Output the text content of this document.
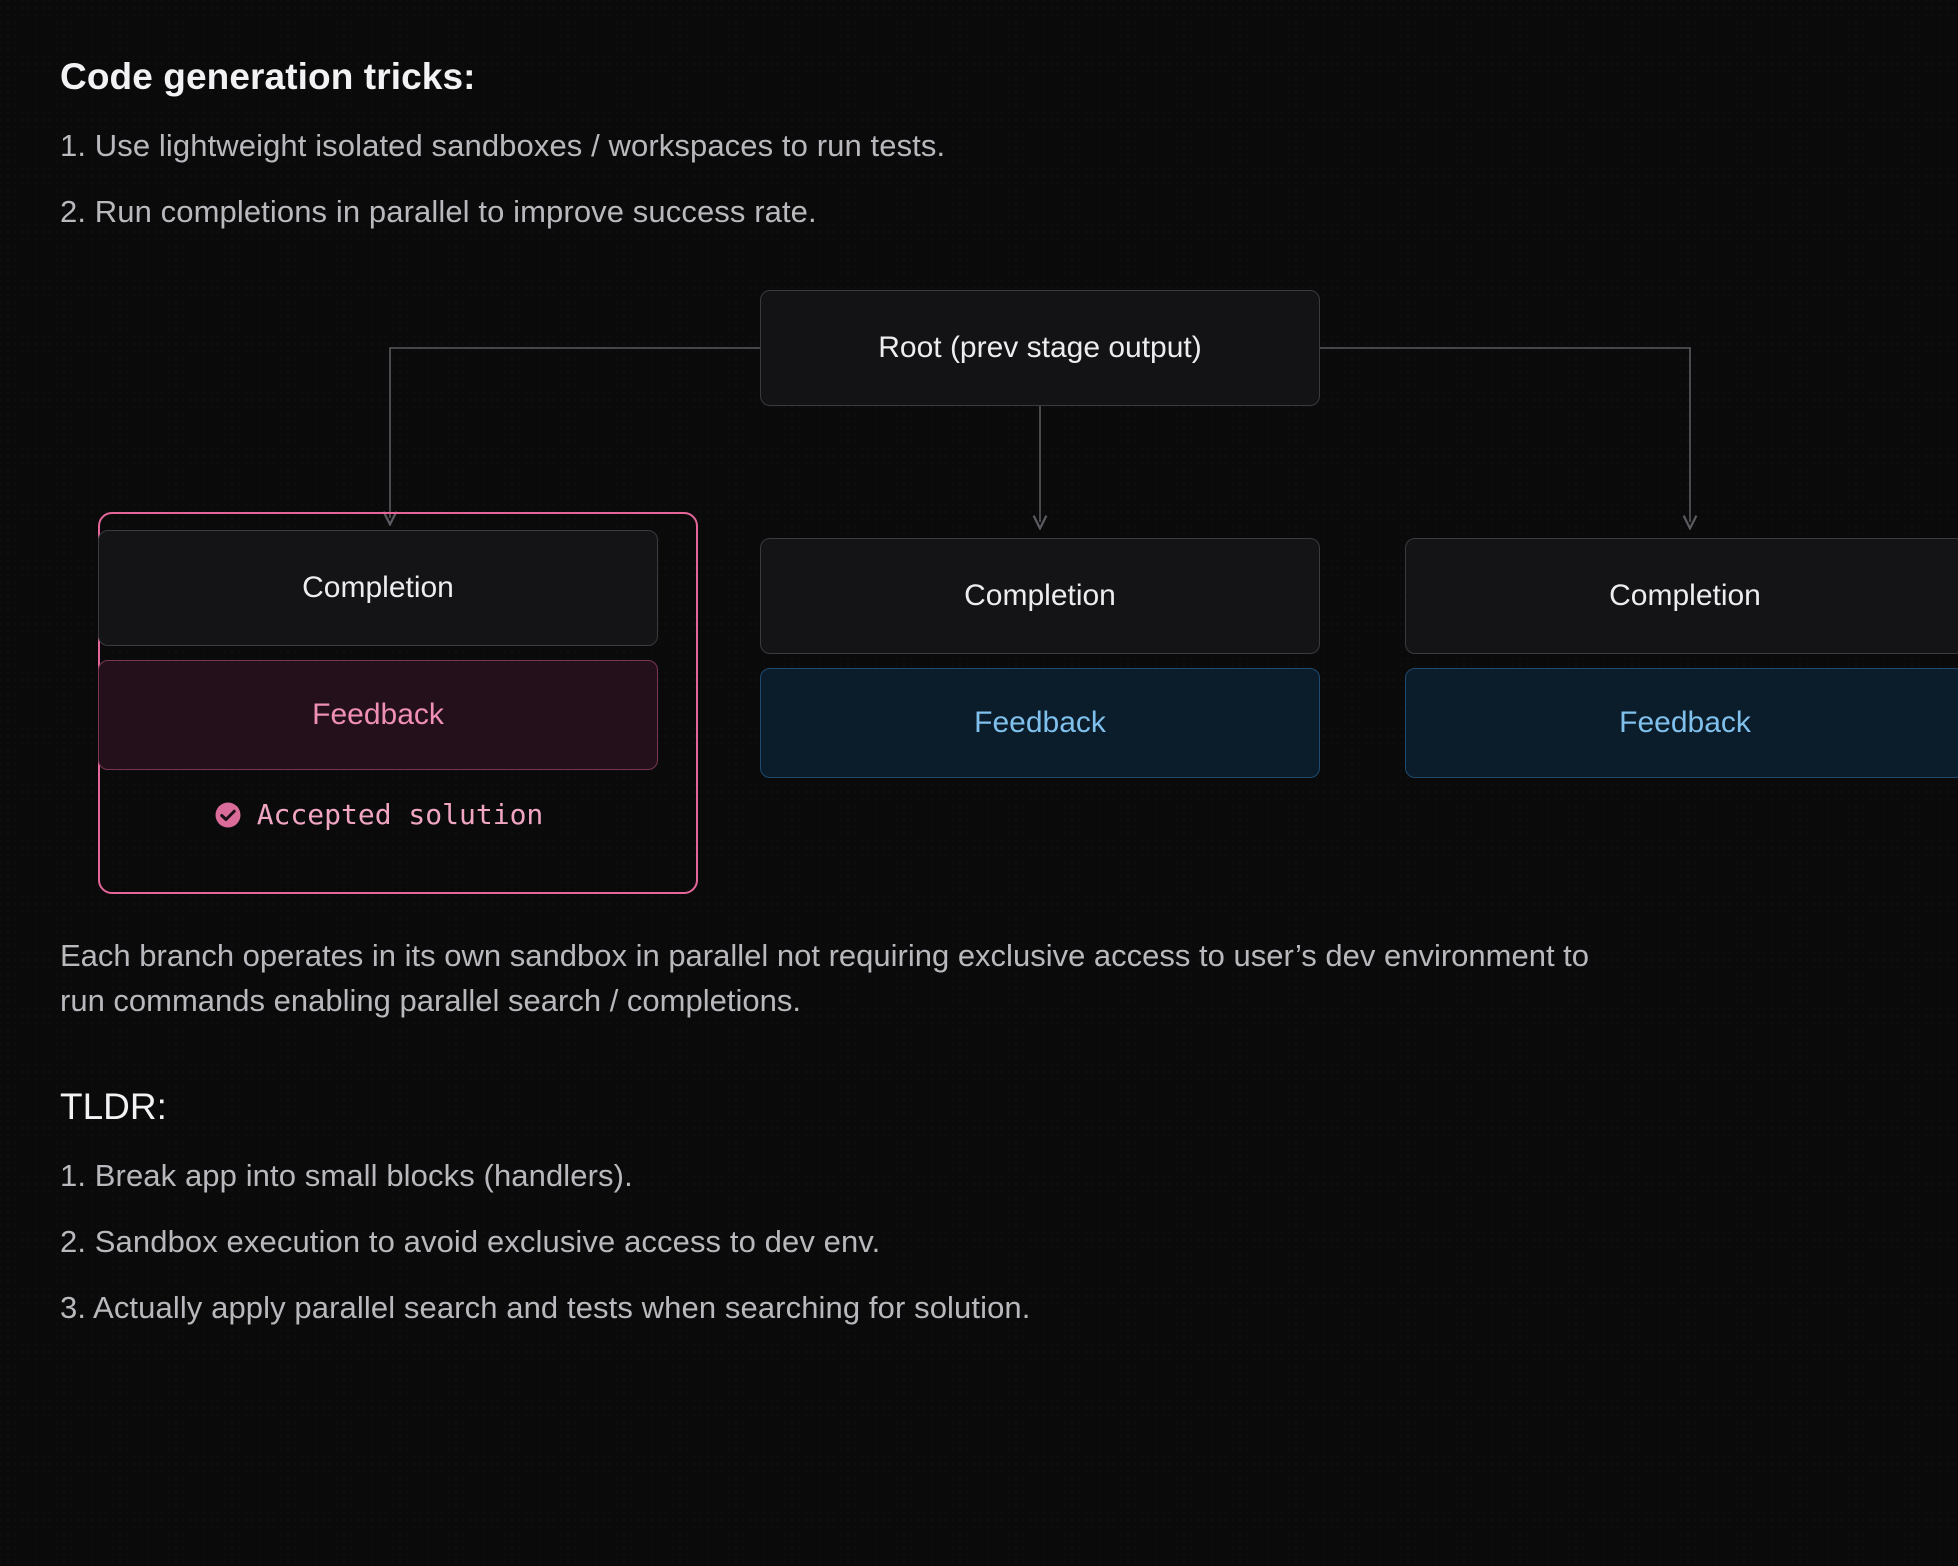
Code generation tricks:
1. Use lightweight isolated sandboxes / workspaces to run tests.
2. Run completions in parallel to improve success rate.
Root (prev stage output)
Completion
Feedback
Accepted solution
Completion
Feedback
Completion
Feedback
Each branch operates in its own sandbox in parallel not requiring exclusive access to user’s dev environment to run commands enabling parallel search / completions.
TLDR:
1. Break app into small blocks (handlers).
2. Sandbox execution to avoid exclusive access to dev env.
3. Actually apply parallel search and tests when searching for solution.
